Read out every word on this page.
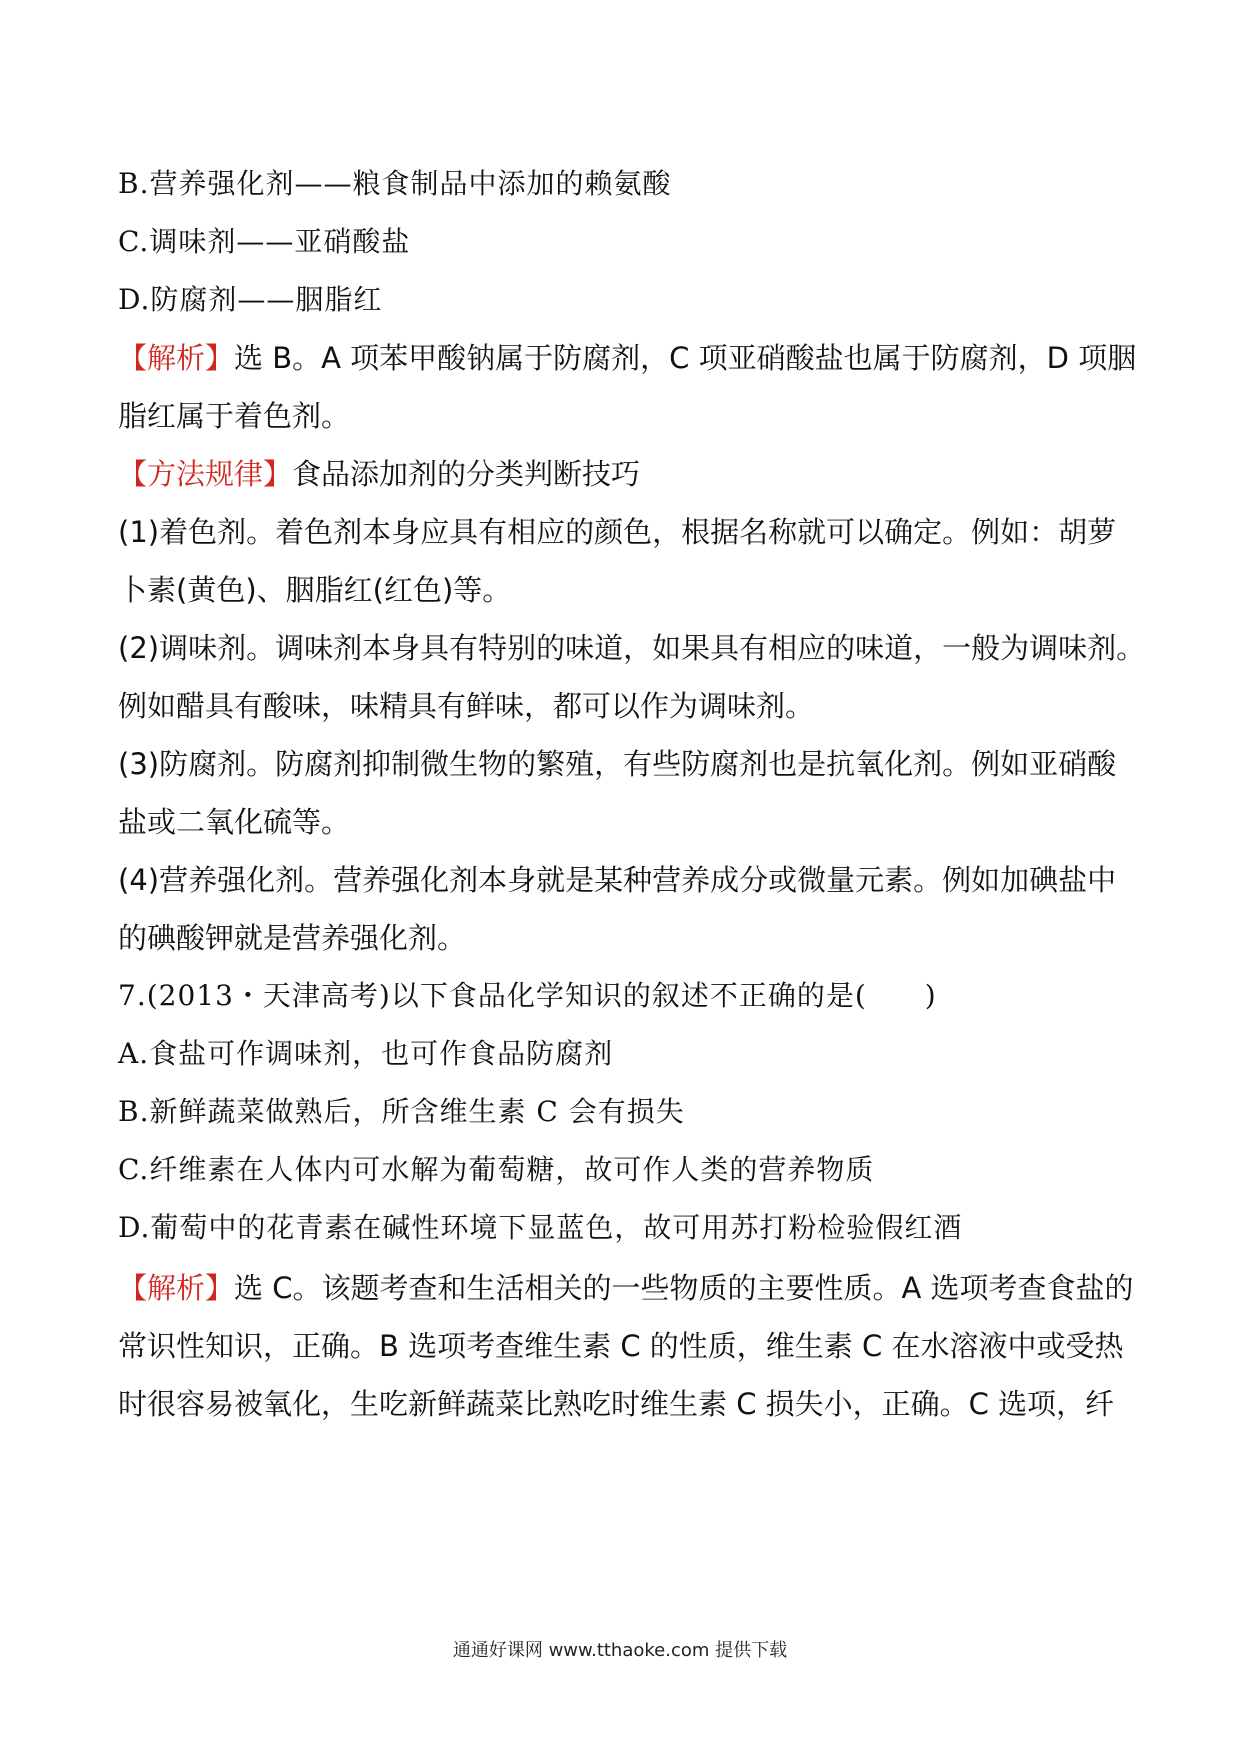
B.营养强化剂——粮食制品中添加的赖氨酸
C.调味剂——亚硝酸盐
D.防腐剂——胭脂红
【解析】选 B。A 项苯甲酸钠属于防腐剂，C 项亚硝酸盐也属于防腐剂，D 项胭
脂红属于着色剂。
【方法规律】食品添加剂的分类判断技巧
(1)着色剂。着色剂本身应具有相应的颜色，根据名称就可以确定。例如：胡萝
卜素(黄色)、胭脂红(红色)等。
(2)调味剂。调味剂本身具有特别的味道，如果具有相应的味道，一般为调味剂。
例如醋具有酸味，味精具有鲜味，都可以作为调味剂。
(3)防腐剂。防腐剂抑制微生物的繁殖，有些防腐剂也是抗氧化剂。例如亚硝酸
盐或二氧化硫等。
(4)营养强化剂。营养强化剂本身就是某种营养成分或微量元素。例如加碘盐中
的碘酸钾就是营养强化剂。
7.(2013・天津高考)以下食品化学知识的叙述不正确的是(　　)
A.食盐可作调味剂，也可作食品防腐剂
B.新鲜蔬菜做熟后，所含维生素 C 会有损失
C.纤维素在人体内可水解为葡萄糖，故可作人类的营养物质
D.葡萄中的花青素在碱性环境下显蓝色，故可用苏打粉检验假红酒
【解析】选 C。该题考查和生活相关的一些物质的主要性质。A 选项考查食盐的
常识性知识，正确。B 选项考查维生素 C 的性质，维生素 C 在水溶液中或受热
时很容易被氧化，生吃新鲜蔬菜比熟吃时维生素 C 损失小，正确。C 选项，纤
通通好课网 www.tthaoke.com 提供下载
